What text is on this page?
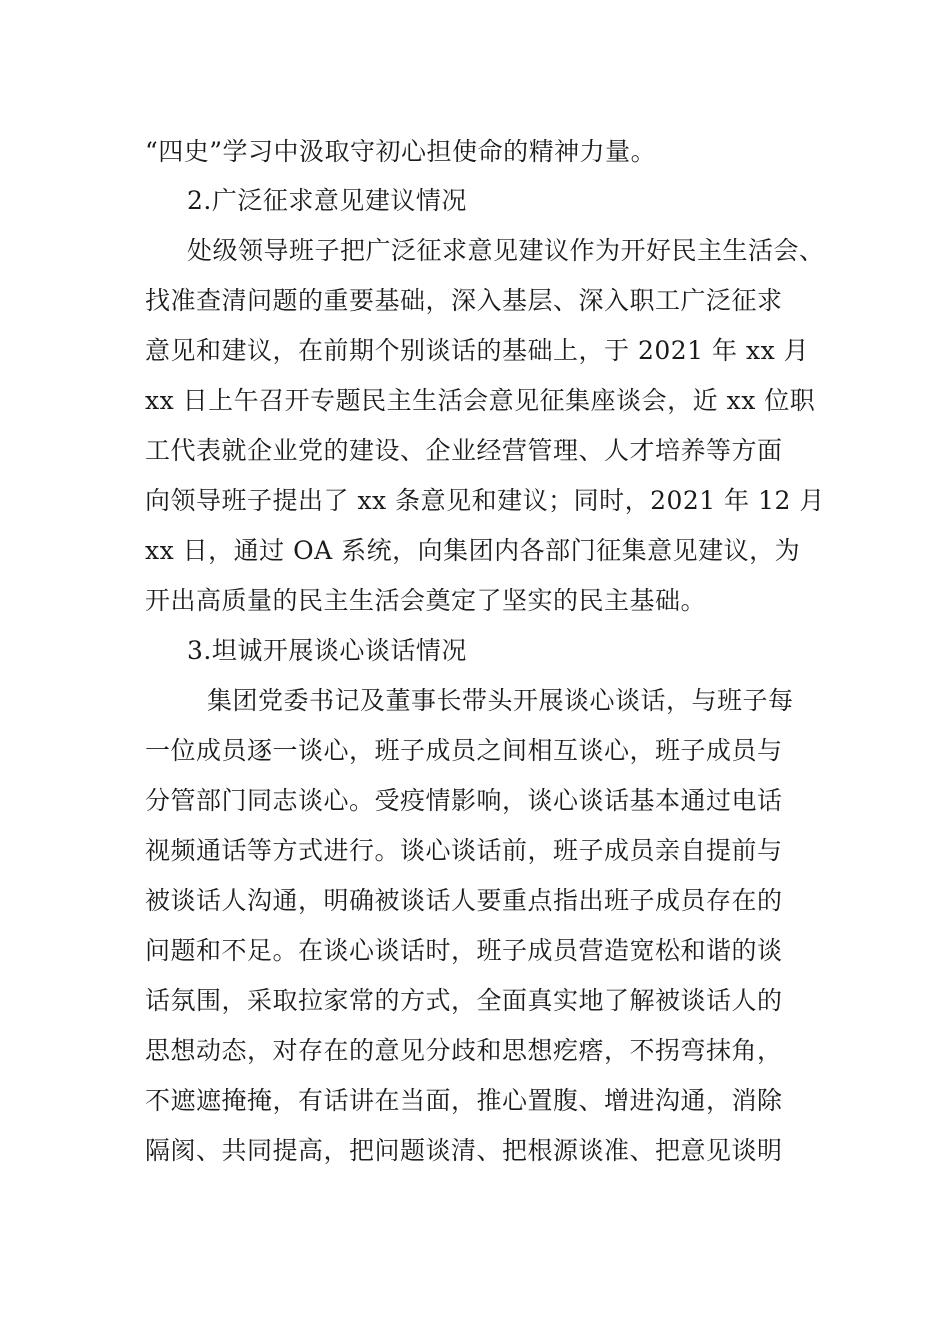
“四史”学习中汲取守初心担使命的精神力量。
2.广泛征求意见建议情况
处级领导班子把广泛征求意见建议作为开好民主生活会、
找准查清问题的重要基础，深入基层、深入职工广泛征求
意见和建议，在前期个别谈话的基础上，于 2021 年 xx 月
xx 日上午召开专题民主生活会意见征集座谈会，近 xx 位职
工代表就企业党的建设、企业经营管理、人才培养等方面
向领导班子提出了 xx 条意见和建议；同时，2021 年 12 月
xx 日，通过 OA 系统，向集团内各部门征集意见建议，为
开出高质量的民主生活会奠定了坚实的民主基础。
3.坦诚开展谈心谈话情况
集团党委书记及董事长带头开展谈心谈话，与班子每
一位成员逐一谈心，班子成员之间相互谈心，班子成员与
分管部门同志谈心。受疫情影响，谈心谈话基本通过电话
视频通话等方式进行。谈心谈话前，班子成员亲自提前与
被谈话人沟通，明确被谈话人要重点指出班子成员存在的
问题和不足。在谈心谈话时，班子成员营造宽松和谐的谈
话氛围，采取拉家常的方式，全面真实地了解被谈话人的
思想动态，对存在的意见分歧和思想疙瘩，不拐弯抹角，
不遮遮掩掩，有话讲在当面，推心置腹、增进沟通，消除
隔阂、共同提高，把问题谈清、把根源谈准、把意见谈明
